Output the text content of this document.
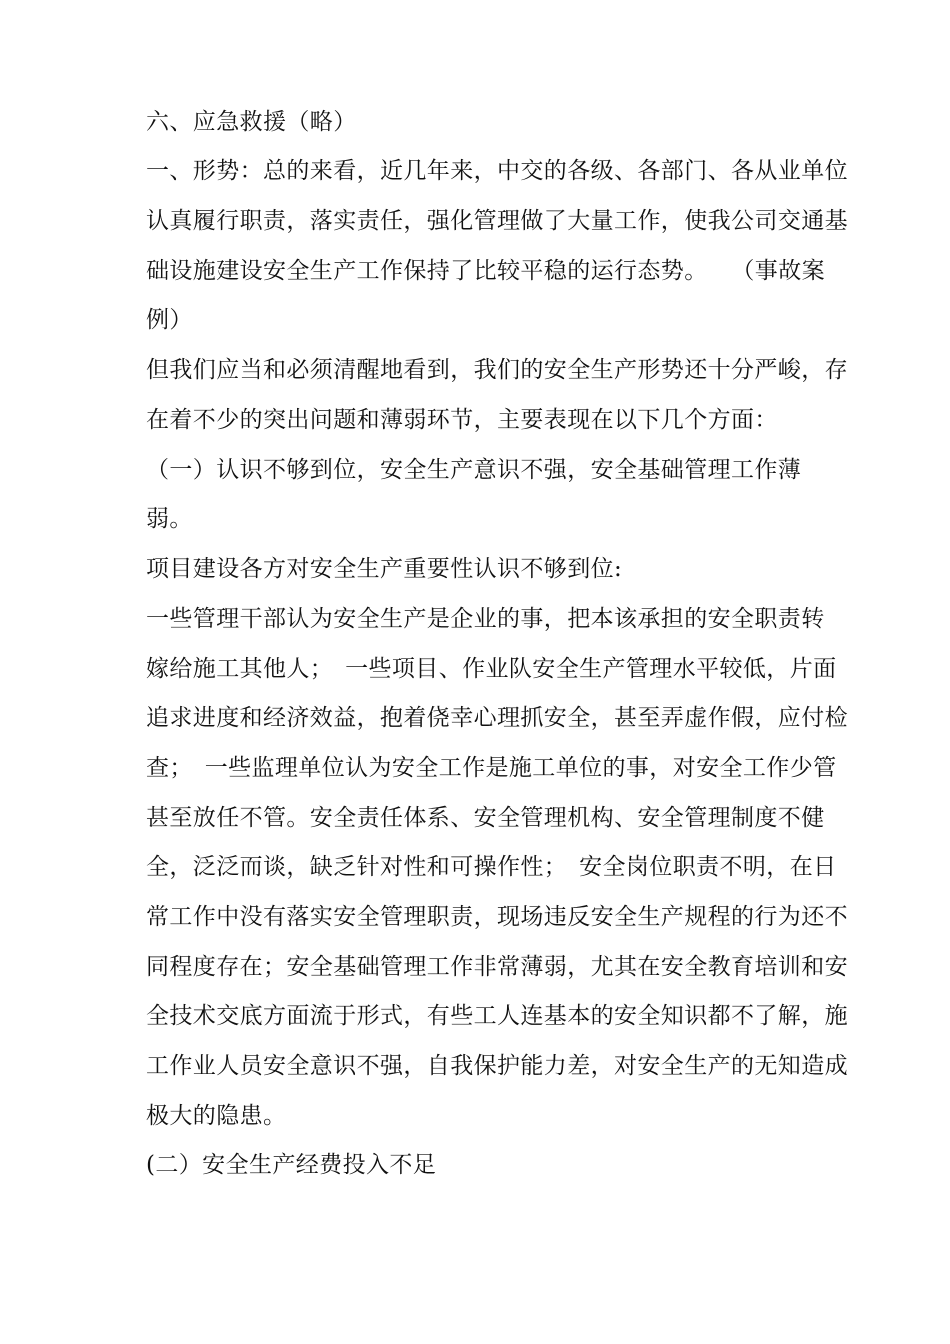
六、应急救援（略）
一、形势：总的来看，近几年来，中交的各级、各部门、各从业单位
认真履行职责，落实责任，强化管理做了大量工作，使我公司交通基
础设施建设安全生产工作保持了比较平稳的运行态势。　　（事故案
例）
但我们应当和必须清醒地看到，我们的安全生产形势还十分严峻，存
在着不少的突出问题和薄弱环节，主要表现在以下几个方面：
（一）认识不够到位，安全生产意识不强，安全基础管理工作薄
弱。
项目建设各方对安全生产重要性认识不够到位:
一些管理干部认为安全生产是企业的事，把本该承担的安全职责转
嫁给施工其他人；　一些项目、作业队安全生产管理水平较低，片面
追求进度和经济效益，抱着侥幸心理抓安全，甚至弄虚作假，应付检
查；　一些监理单位认为安全工作是施工单位的事，对安全工作少管
甚至放任不管。安全责任体系、安全管理机构、安全管理制度不健
全，泛泛而谈，缺乏针对性和可操作性；　安全岗位职责不明，在日
常工作中没有落实安全管理职责，现场违反安全生产规程的行为还不
同程度存在；安全基础管理工作非常薄弱，尤其在安全教育培训和安
全技术交底方面流于形式，有些工人连基本的安全知识都不了解，施
工作业人员安全意识不强，自我保护能力差，对安全生产的无知造成
极大的隐患。
(二）安全生产经费投入不足
